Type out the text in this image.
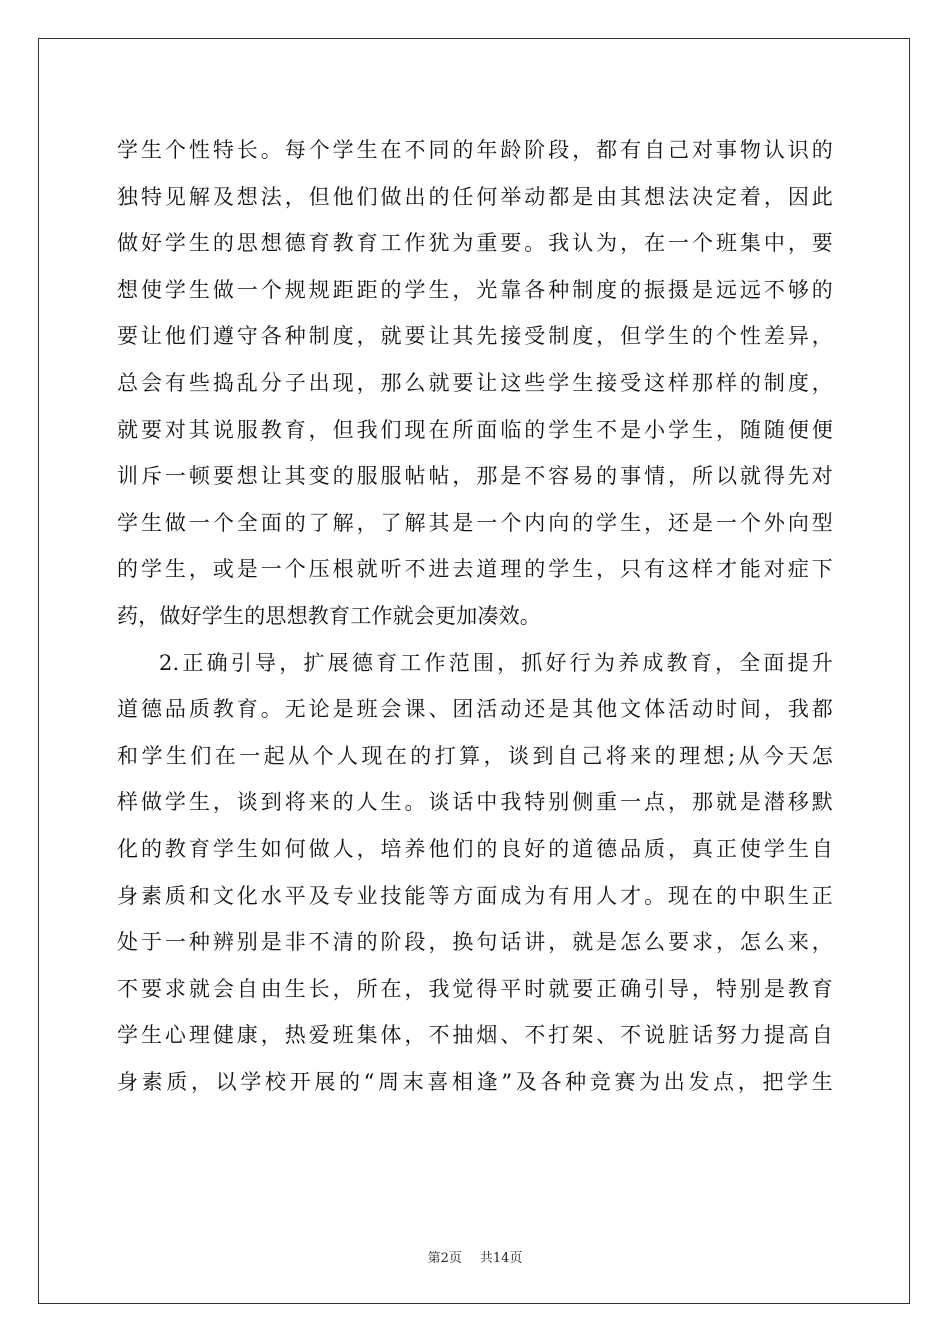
学生个性特长。每个学生在不同的年龄阶段，都有自己对事物认识的
独特见解及想法，但他们做出的任何举动都是由其想法决定着，因此
做好学生的思想德育教育工作犹为重要。我认为，在一个班集中，要
想使学生做一个规规距距的学生，光靠各种制度的振摄是远远不够的
要让他们遵守各种制度，就要让其先接受制度，但学生的个性差异，
总会有些捣乱分子出现，那么就要让这些学生接受这样那样的制度，
就要对其说服教育，但我们现在所面临的学生不是小学生，随随便便
训斥一顿要想让其变的服服帖帖，那是不容易的事情，所以就得先对
学生做一个全面的了解，了解其是一个内向的学生，还是一个外向型
的学生，或是一个压根就听不进去道理的学生，只有这样才能对症下
药，做好学生的思想教育工作就会更加凑效。
2.正确引导，扩展德育工作范围，抓好行为养成教育，全面提升
道德品质教育。无论是班会课、团活动还是其他文体活动时间，我都
和学生们在一起从个人现在的打算，谈到自己将来的理想;从今天怎
样做学生，谈到将来的人生。谈话中我特别侧重一点，那就是潜移默
化的教育学生如何做人，培养他们的良好的道德品质，真正使学生自
身素质和文化水平及专业技能等方面成为有用人才。现在的中职生正
处于一种辨别是非不清的阶段，换句话讲，就是怎么要求，怎么来，
不要求就会自由生长，所在，我觉得平时就要正确引导，特别是教育
学生心理健康，热爱班集体，不抽烟、不打架、不说脏话努力提高自
身素质，以学校开展的“周末喜相逢”及各种竞赛为出发点，把学生
第2页 共14页
